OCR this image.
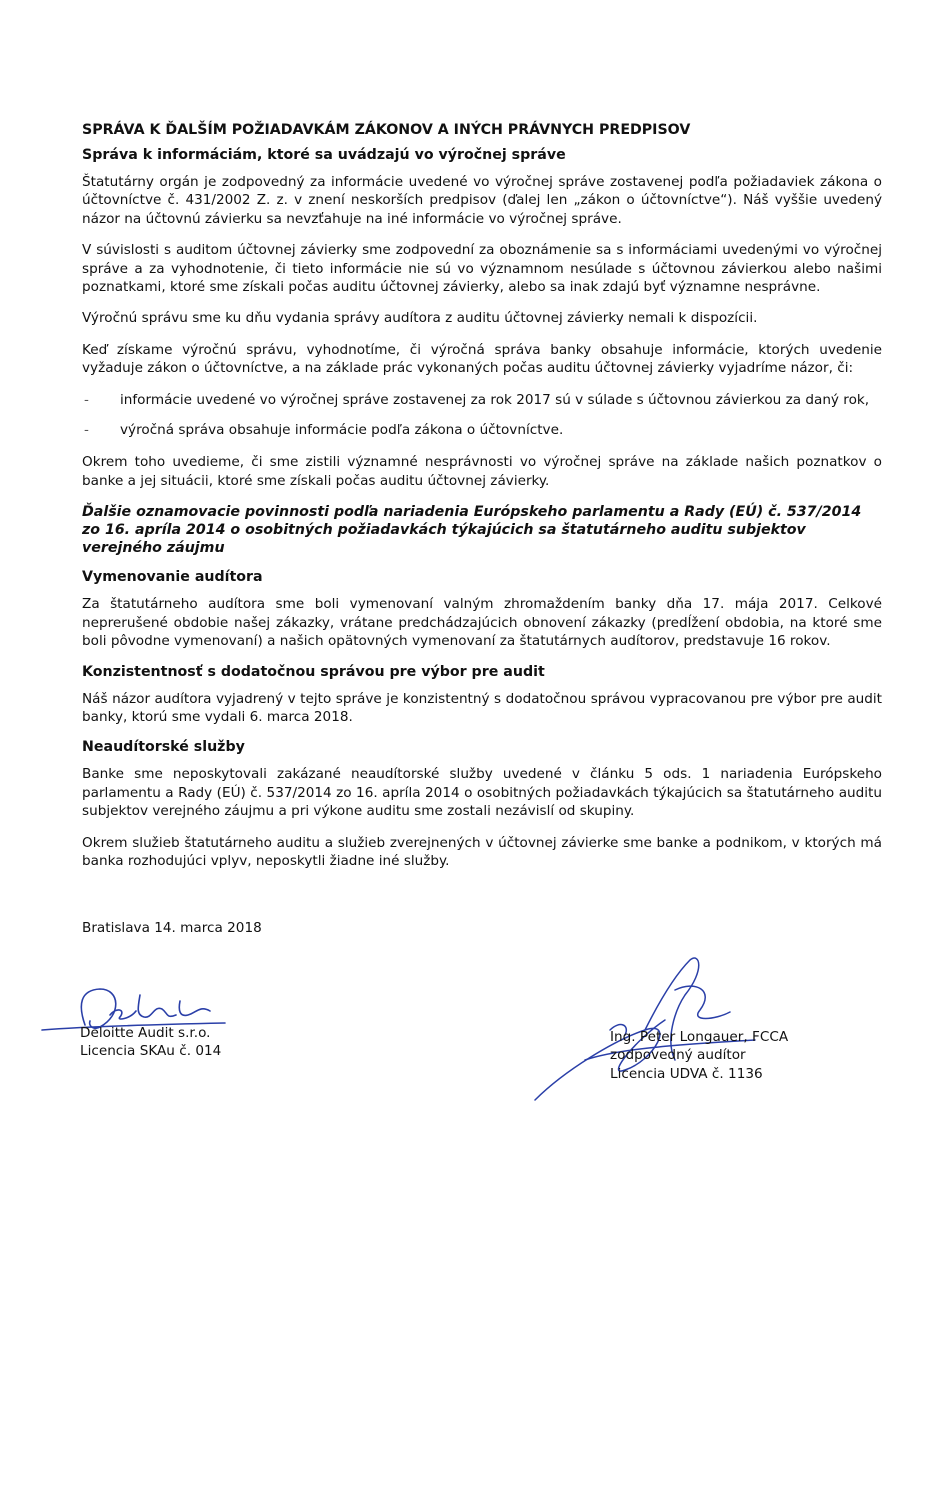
SPRÁVA K ĎALŠÍM POŽIADAVKÁM ZÁKONOV A INÝCH PRÁVNYCH PREDPISOV
Správa k informáciám, ktoré sa uvádzajú vo výročnej správe

Štatutárny orgán je zodpovedný za informácie uvedené vo výročnej správe zostavenej podľa požiadaviek zákona o účtovníctve č. 431/2002 Z. z. v znení neskorších predpisov (ďalej len „zákon o účtovníctve“). Náš vyššie uvedený názor na účtovnú závierku sa nevzťahuje na iné informácie vo výročnej správe.

V súvislosti s auditom účtovnej závierky sme zodpovední za oboznámenie sa s informáciami uvedenými vo výročnej správe a za vyhodnotenie, či tieto informácie nie sú vo významnom nesúlade s účtovnou závierkou alebo našimi poznatkami, ktoré sme získali počas auditu účtovnej závierky, alebo sa inak zdajú byť významne nesprávne.

Výročnú správu sme ku dňu vydania správy audítora z auditu účtovnej závierky nemali k dispozícii.

Keď získame výročnú správu, vyhodnotíme, či výročná správa banky obsahuje informácie, ktorých uvedenie vyžaduje zákon o účtovníctve, a na základe prác vykonaných počas auditu účtovnej závierky vyjadríme názor, či:

- informácie uvedené vo výročnej správe zostavenej za rok 2017 sú v súlade s účtovnou závierkou za daný rok,
- výročná správa obsahuje informácie podľa zákona o účtovníctve.

Okrem toho uvedieme, či sme zistili významné nesprávnosti vo výročnej správe na základe našich poznatkov o banke a jej situácii, ktoré sme získali počas auditu účtovnej závierky.

Ďalšie oznamovacie povinnosti podľa nariadenia Európskeho parlamentu a Rady (EÚ) č. 537/2014 zo 16. apríla 2014 o osobitných požiadavkách týkajúcich sa štatutárneho auditu subjektov verejného záujmu
Vymenovanie audítora

Za štatutárneho audítora sme boli vymenovaní valným zhromaždením banky dňa 17. mája 2017. Celkové neprerušené obdobie našej zákazky, vrátane predchádzajúcich obnovení zákazky (predĺžení obdobia, na ktoré sme boli pôvodne vymenovaní) a našich opätovných vymenovaní za štatutárnych audítorov, predstavuje 16 rokov.

Konzistentnosť s dodatočnou správou pre výbor pre audit

Náš názor audítora vyjadrený v tejto správe je konzistentný s dodatočnou správou vypracovanou pre výbor pre audit banky, ktorú sme vydali 6. marca 2018.

Neaudítorské služby

Banke sme neposkytovali zakázané neaudítorské služby uvedené v článku 5 ods. 1 nariadenia Európskeho parlamentu a Rady (EÚ) č. 537/2014 zo 16. apríla 2014 o osobitných požiadavkách týkajúcich sa štatutárneho auditu subjektov verejného záujmu a pri výkone auditu sme zostali nezávislí od skupiny.

Okrem služieb štatutárneho auditu a služieb zverejnených v účtovnej závierke sme banke a podnikom, v ktorých má banka rozhodujúci vplyv, neposkytli žiadne iné služby.

Bratislava 14. marca 2018
Deloitte Audit s.r.o.
Licencia SKAu č. 014
Ing. Peter Longauer, FCCA
zodpovedný audítor
Licencia UDVA č. 1136
